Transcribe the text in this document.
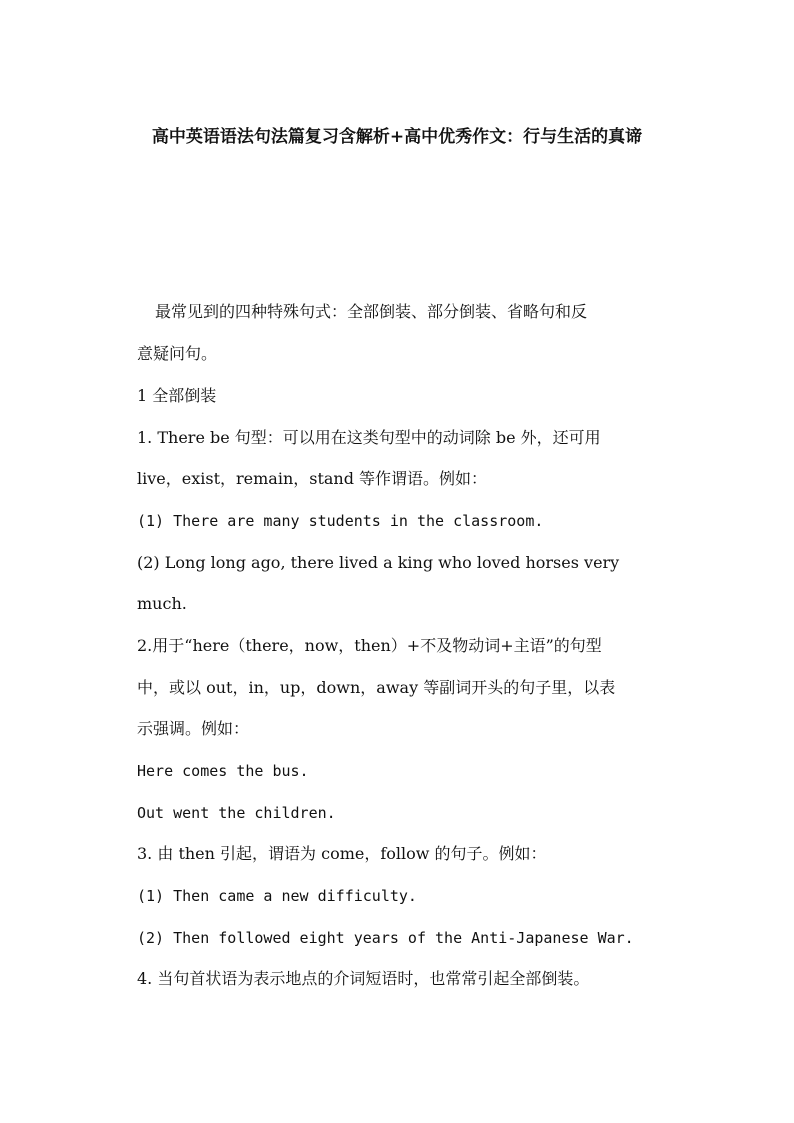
高中英语语法句法篇复习含解析+高中优秀作文：行与生活的真谛
最常见到的四种特殊句式：全部倒装、部分倒装、省略句和反
意疑问句。
1 全部倒装
1. There be 句型：可以用在这类句型中的动词除 be 外，还可用
live，exist，remain，stand 等作谓语。例如：
(1) There are many students in the classroom.
(2) Long long ago, there lived a king who loved horses very
much.
2.用于“here（there，now，then）+不及物动词+主语”的句型
中，或以 out，in，up，down，away 等副词开头的句子里，以表
示强调。例如：
Here comes the bus.
Out went the children.
3. 由 then 引起，谓语为 come，follow 的句子。例如：
(1) Then came a new difficulty.
(2) Then followed eight years of the Anti-Japanese War.
4. 当句首状语为表示地点的介词短语时，也常常引起全部倒装。
